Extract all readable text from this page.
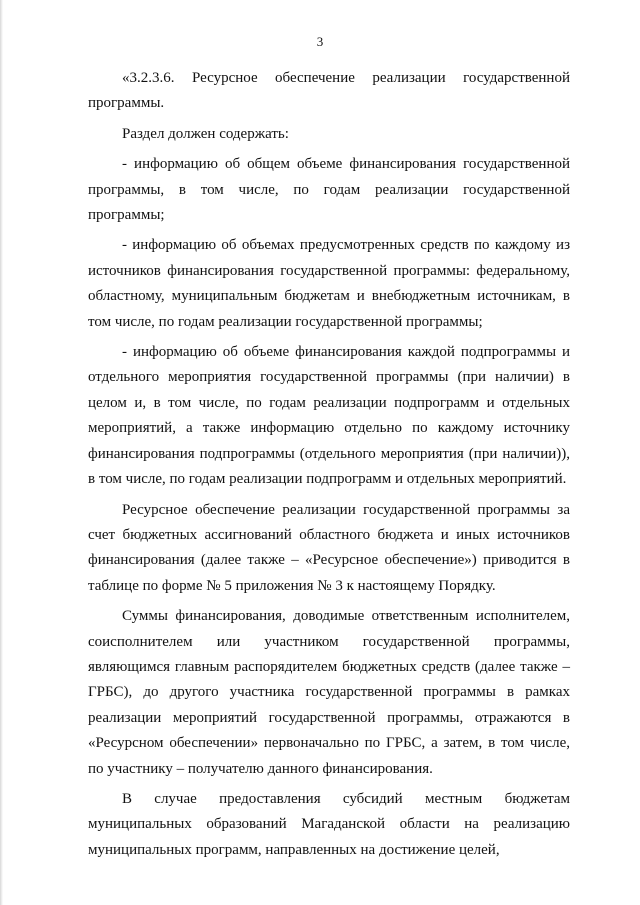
3

«3.2.3.6. Ресурсное обеспечение реализации государственной программы.

Раздел должен содержать:

- информацию об общем объеме финансирования государственной программы, в том числе, по годам реализации государственной программы;

- информацию об объемах предусмотренных средств по каждому из источников финансирования государственной программы: федеральному, областному, муниципальным бюджетам и внебюджетным источникам, в том числе, по годам реализации государственной программы;

- информацию об объеме финансирования каждой подпрограммы и отдельного мероприятия государственной программы (при наличии) в целом и, в том числе, по годам реализации подпрограмм и отдельных мероприятий, а также информацию отдельно по каждому источнику финансирования подпрограммы (отдельного мероприятия (при наличии)), в том числе, по годам реализации подпрограмм и отдельных мероприятий.

Ресурсное обеспечение реализации государственной программы за счет бюджетных ассигнований областного бюджета и иных источников финансирования (далее также – «Ресурсное обеспечение») приводится в таблице по форме № 5 приложения № 3 к настоящему Порядку.

Суммы финансирования, доводимые ответственным исполнителем, соисполнителем или участником государственной программы, являющимся главным распорядителем бюджетных средств (далее также – ГРБС), до другого участника государственной программы в рамках реализации мероприятий государственной программы, отражаются в «Ресурсном обеспечении» первоначально по ГРБС, а затем, в том числе, по участнику – получателю данного финансирования.

В случае предоставления субсидий местным бюджетам муниципальных образований Магаданской области на реализацию муниципальных программ, направленных на достижение целей,
